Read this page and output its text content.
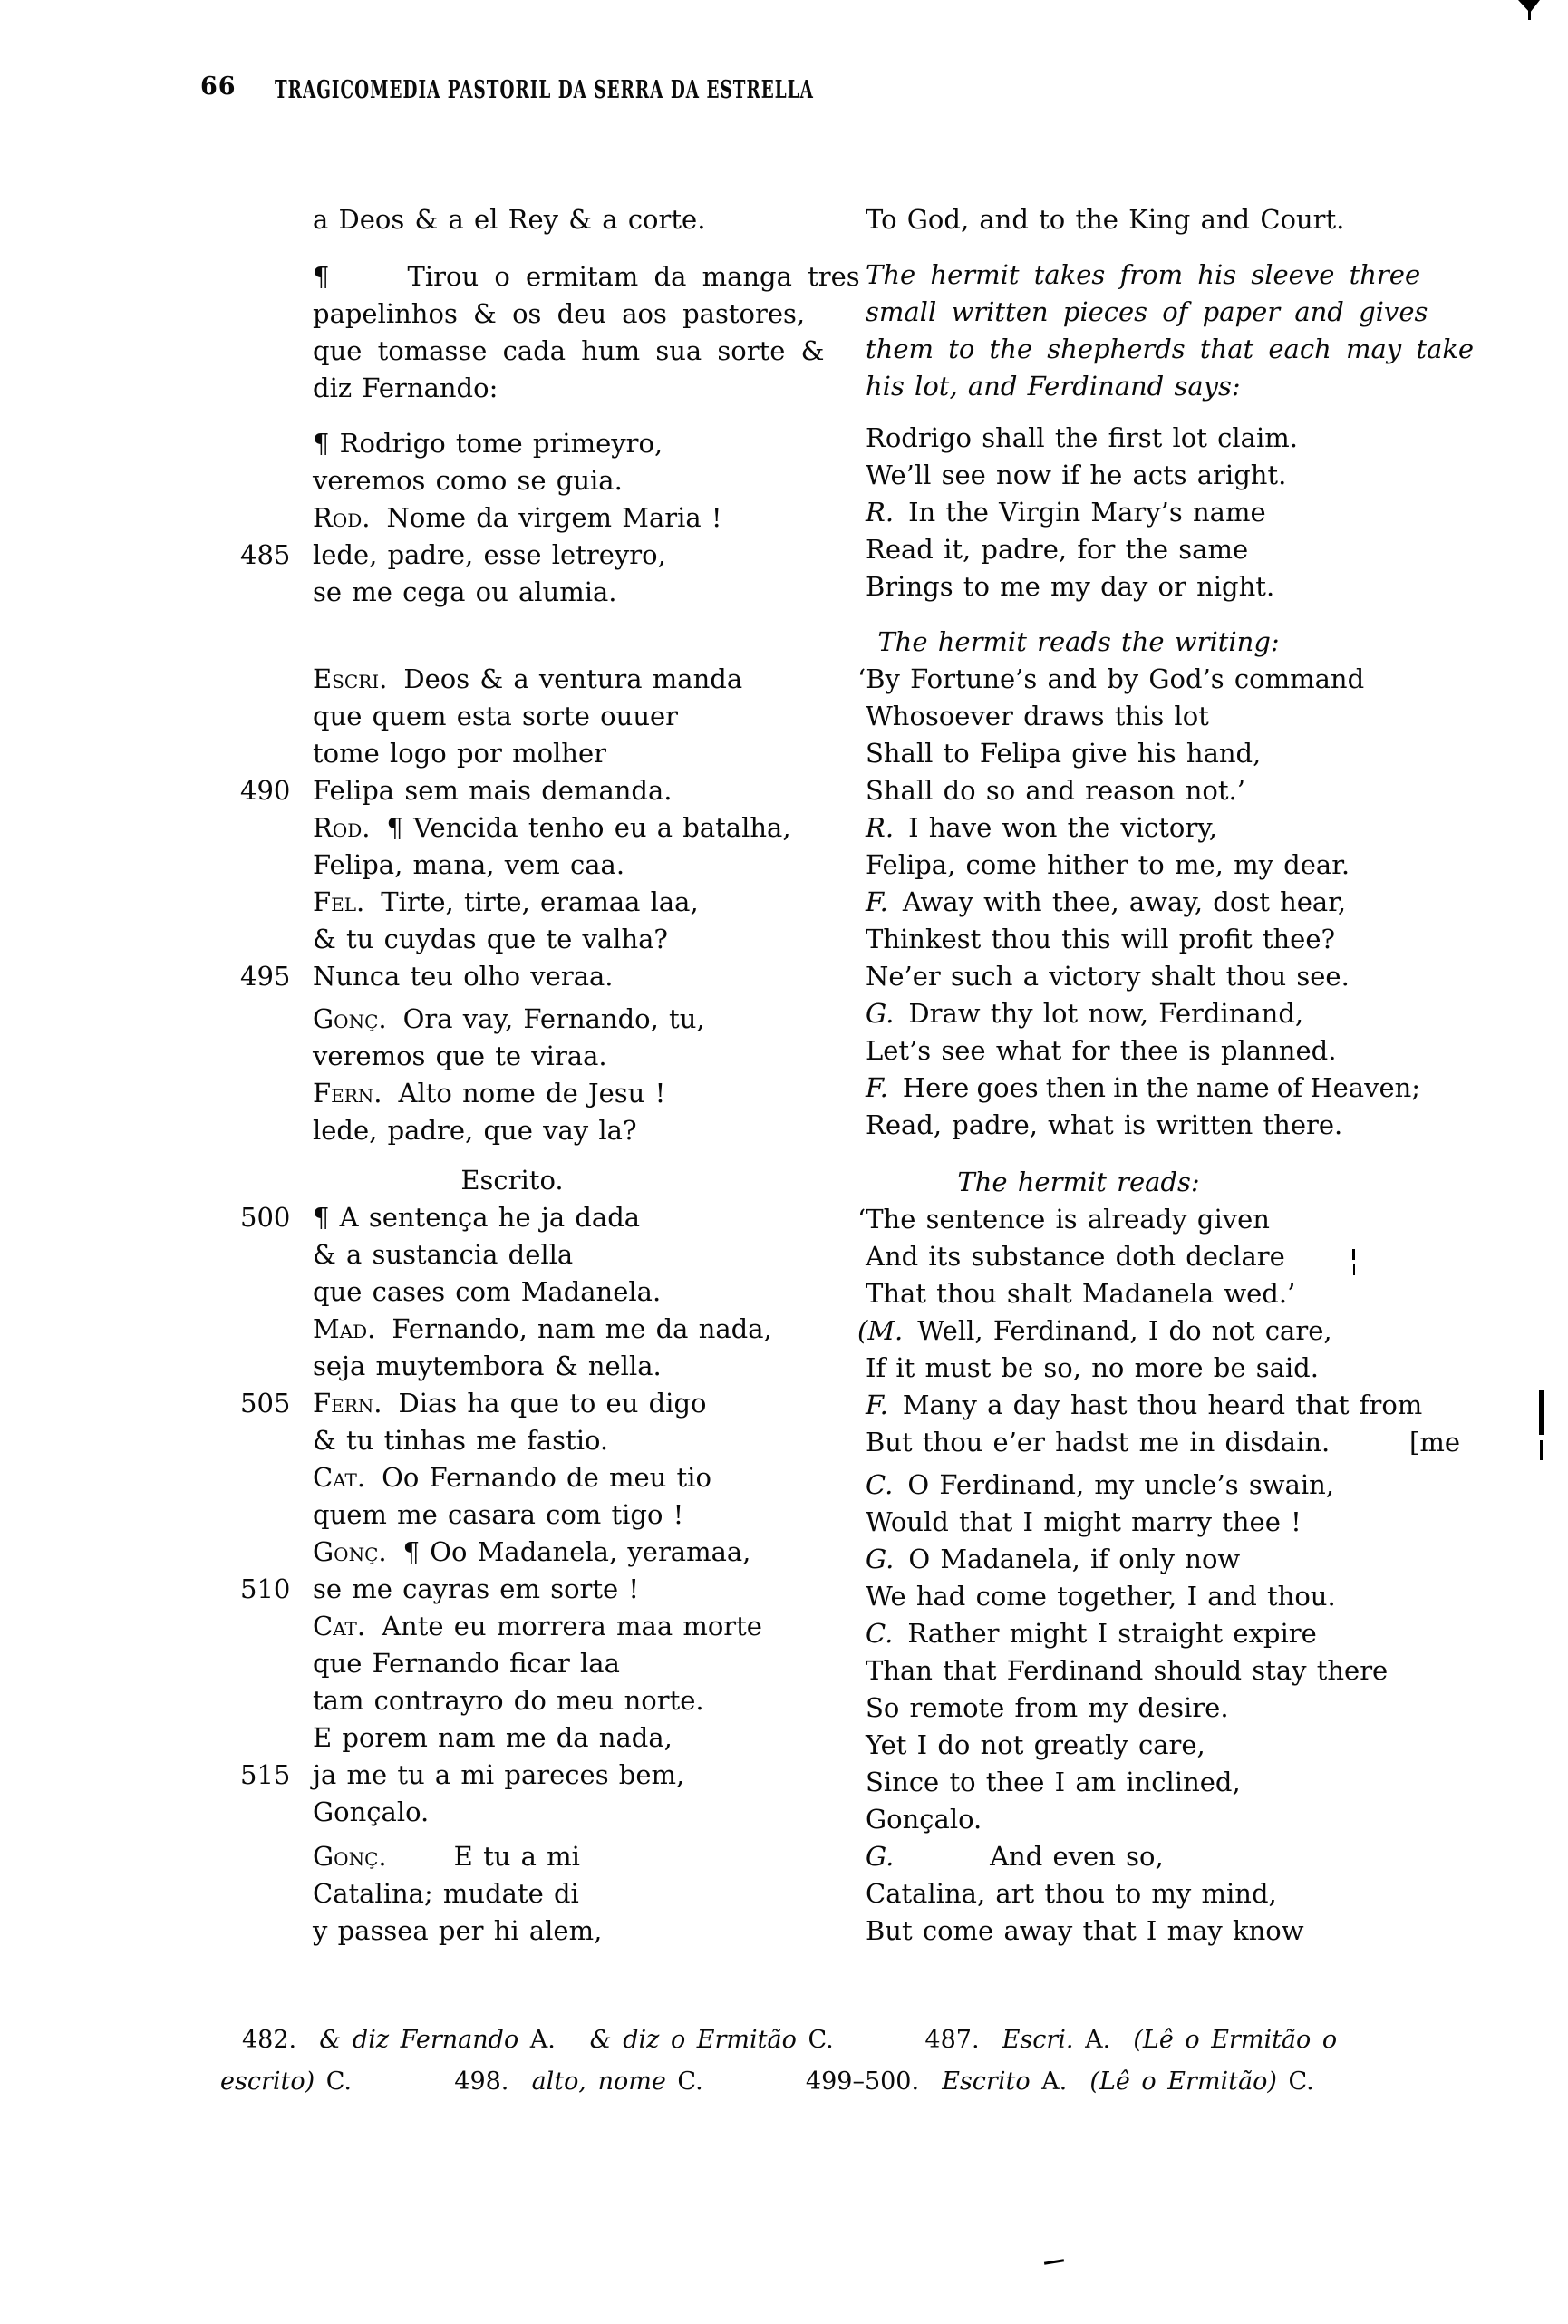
66 TRAGICOMEDIA PASTORIL DA SERRA DA ESTRELLA
a Deos & a el Rey & a corte.
¶     Tirou o ermitam da manga tres
papelinhos & os deu aos pastores,
que tomasse cada hum sua sorte &
diz Fernando:
¶ Rodrigo tome primeyro,
veremos como se guia.
Rod. Nome da virgem Maria !
485 lede, padre, esse letreyro,
se me cega ou alumia.
Escri. Deos & a ventura manda
que quem esta sorte ouuer
tome logo por molher
490 Felipa sem mais demanda.
Rod. ¶ Vencida tenho eu a batalha,
Felipa, mana, vem caa.
Fel. Tirte, tirte, eramaa laa,
& tu cuydas que te valha?
495 Nunca teu olho veraa.
Gonç. Ora vay, Fernando, tu,
veremos que te viraa.
Fern. Alto nome de Jesu !
lede, padre, que vay la?
Escrito.
500 ¶ A sentença he ja dada
& a sustancia della
que cases com Madanela.
Mad. Fernando, nam me da nada,
seja muytembora & nella.
505 Fern. Dias ha que to eu digo
& tu tinhas me fastio.
Cat. Oo Fernando de meu tio
quem me casara com tigo !
Gonç. ¶ Oo Madanela, yeramaa,
510 se me cayras em sorte !
Cat. Ante eu morrera maa morte
que Fernando ficar laa
tam contrayro do meu norte.
E porem nam me da nada,
515 ja me tu a mi pareces bem,
Gonçalo.
Gonç.     E tu a mi
Catalina; mudate di
y passea per hi alem,
To God, and to the King and Court.
The hermit takes from his sleeve three
small written pieces of paper and gives
them to the shepherds that each may take
his lot, and Ferdinand says:
Rodrigo shall the first lot claim.
We’ll see now if he acts aright.
R. In the Virgin Mary’s name
Read it, padre, for the same
Brings to me my day or night.
The hermit reads the writing:
‘By Fortune’s and by God’s command
Whosoever draws this lot
Shall to Felipa give his hand,
Shall do so and reason not.’
R. I have won the victory,
Felipa, come hither to me, my dear.
F. Away with thee, away, dost hear,
Thinkest thou this will profit thee?
Ne’er such a victory shalt thou see.
G. Draw thy lot now, Ferdinand,
Let’s see what for thee is planned.
F. Here goes then in the name of Heaven;
Read, padre, what is written there.
The hermit reads:
‘The sentence is already given
And its substance doth declare
That thou shalt Madanela wed.’
(M. Well, Ferdinand, I do not care,
If it must be so, no more be said.
F. Many a day hast thou heard that from
[me
But thou e’er hadst me in disdain.
C. O Ferdinand, my uncle’s swain,
Would that I might marry thee !
G. O Madanela, if only now
We had come together, I and thou.
C. Rather might I straight expire
Than that Ferdinand should stay there
So remote from my desire.
Yet I do not greatly care,
Since to thee I am inclined,
Gonçalo.
G.        And even so,
Catalina, art thou to my mind,
But come away that I may know
482.  & diz Fernando A.   & diz o Ermitão C.        487.  Escri. A.  (Lê o Ermitão o
escrito) C.         498.  alto, nome C.         499–500.  Escrito A.  (Lê o Ermitão) C.
